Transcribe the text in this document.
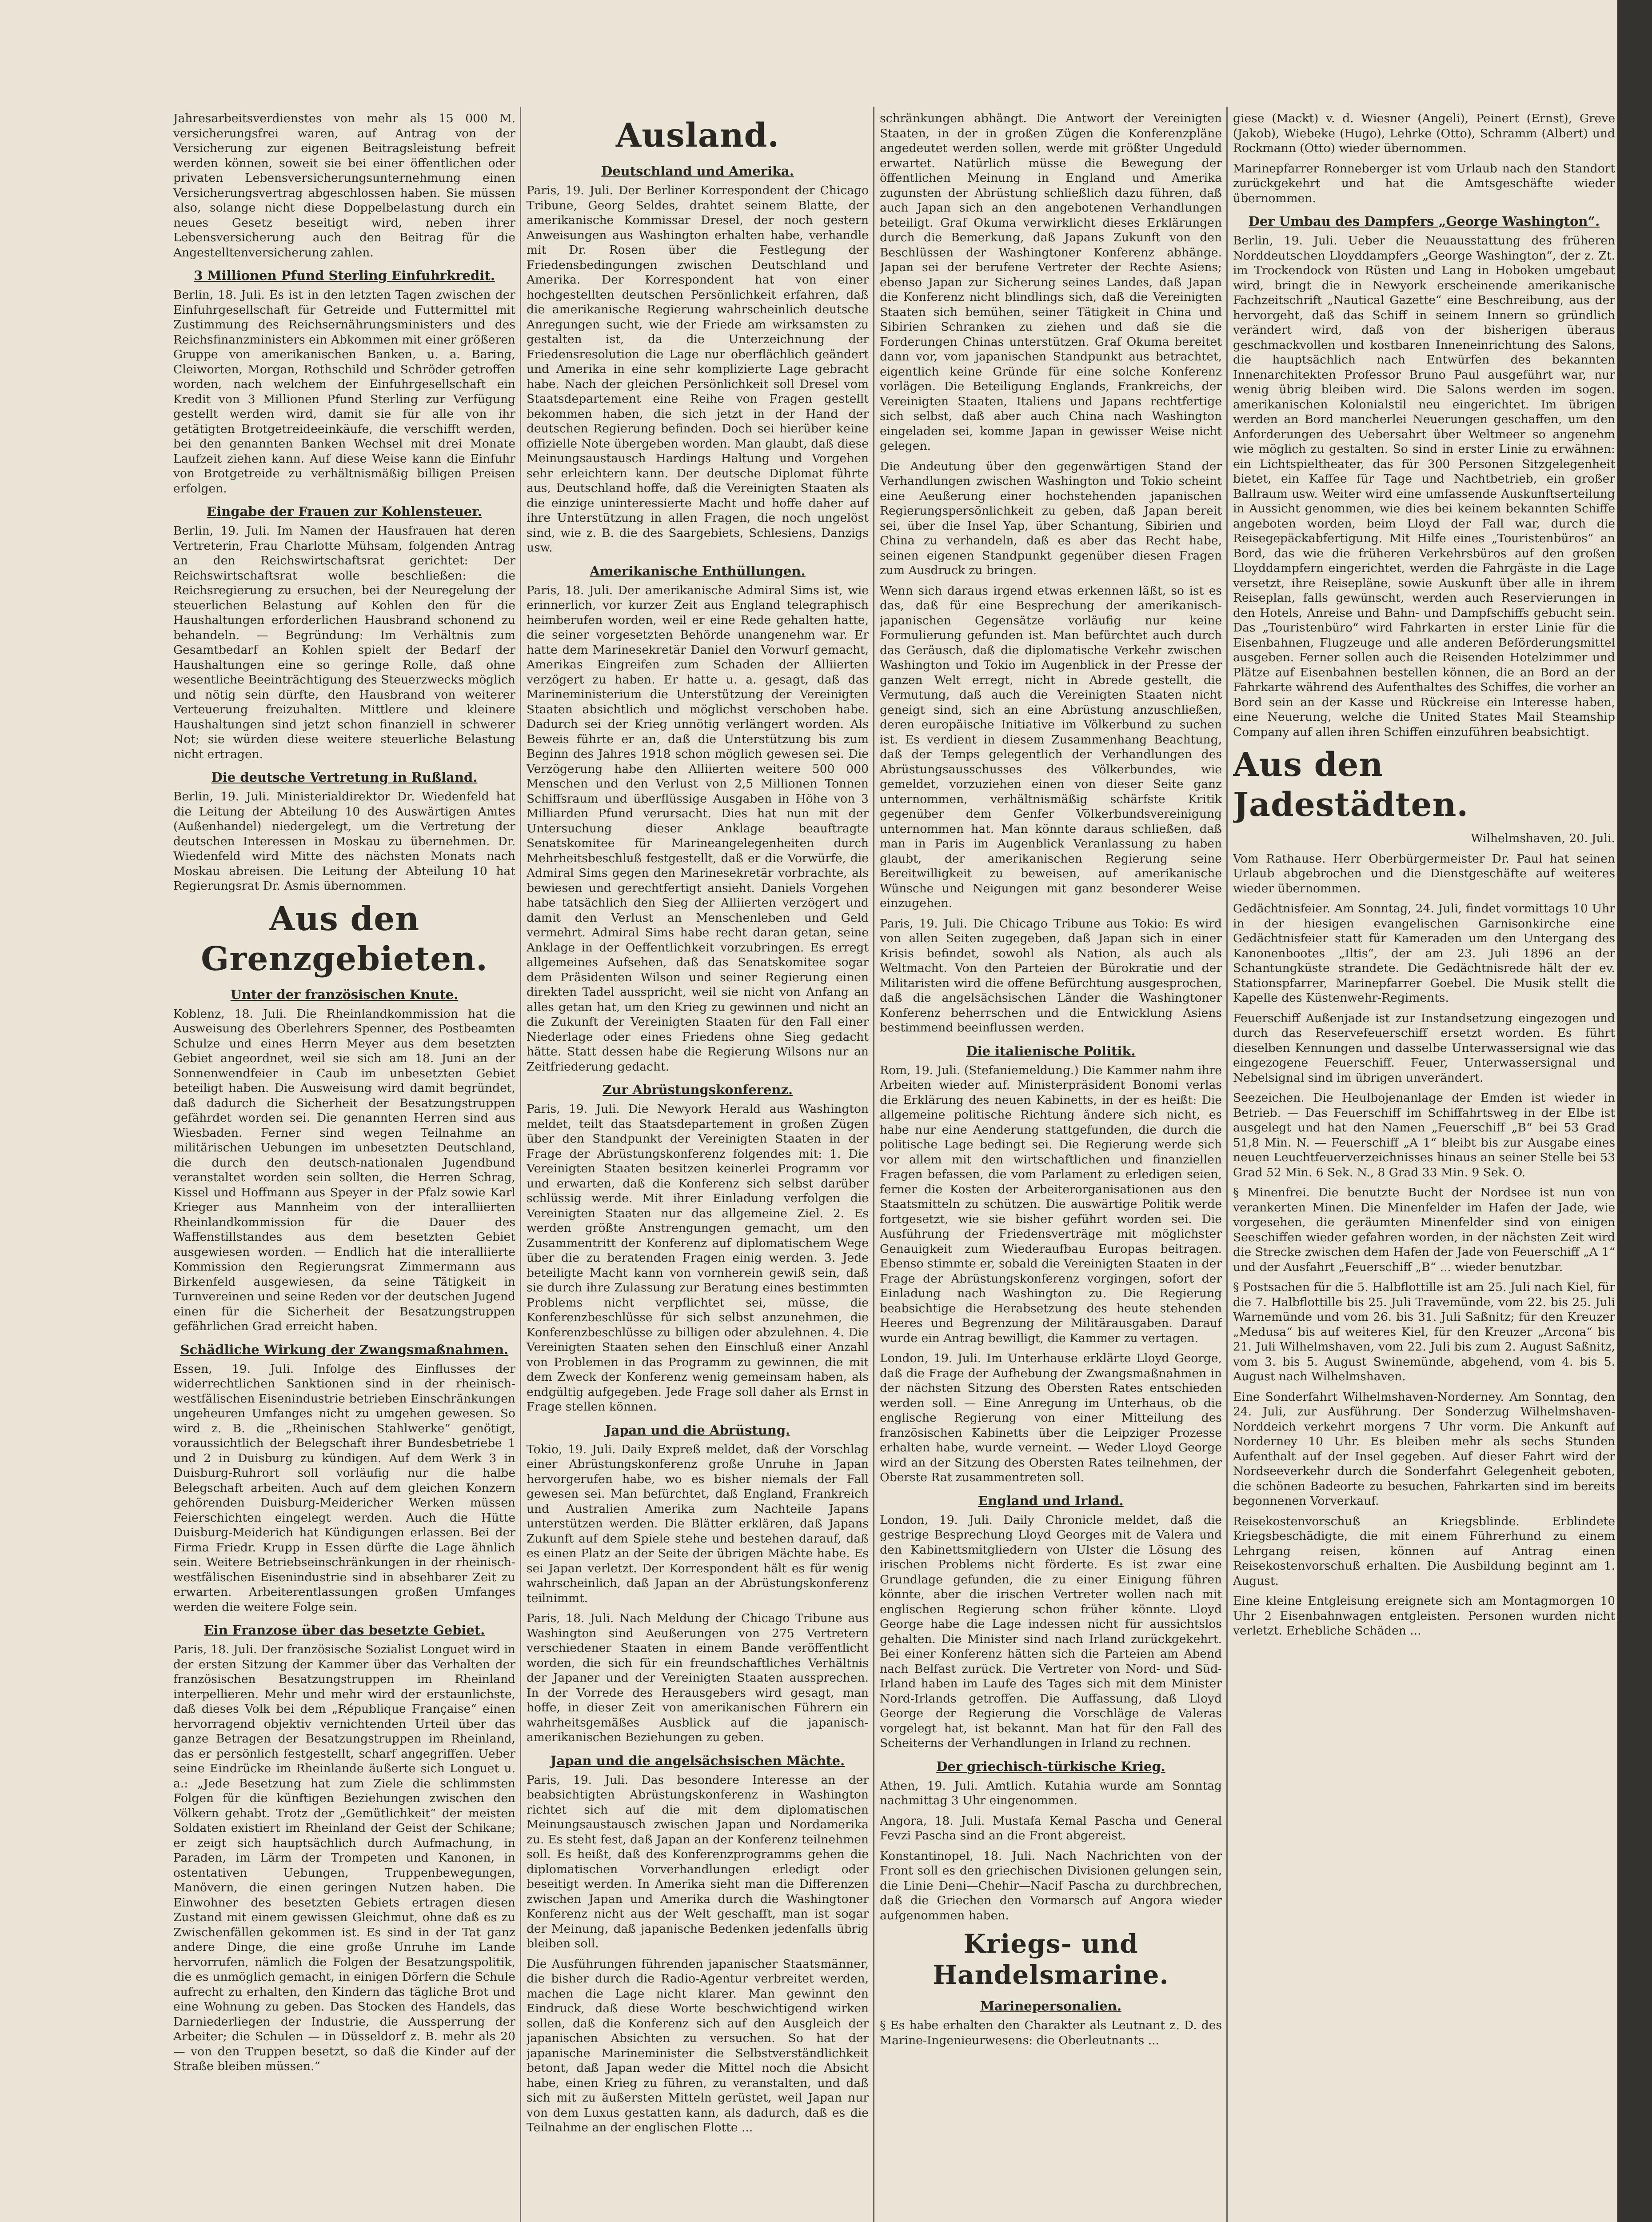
Jahresarbeitsverdienstes von mehr als 15 000 M. versicherungsfrei waren, auf Antrag von der Versicherung zur eigenen Beitragsleistung befreit werden können, soweit sie bei einer öffentlichen oder privaten Lebensversicherungsunternehmung einen Versicherungsvertrag abgeschlossen haben. Sie müssen also, solange nicht diese Doppelbelastung durch ein neues Gesetz beseitigt wird, neben ihrer Lebensversicherung auch den Beitrag für die Angestelltenversicherung zahlen.

3 Millionen Pfund Sterling Einfuhrkredit.

Berlin, 18. Juli. Es ist in den letzten Tagen zwischen der Einfuhrgesellschaft für Getreide und Futtermittel mit Zustimmung des Reichsernährungsministers und des Reichsfinanzministers ein Abkommen mit einer größeren Gruppe von amerikanischen Banken, u. a. Baring, Cleiworten, Morgan, Rothschild und Schröder getroffen worden, nach welchem der Einfuhrgesellschaft ein Kredit von 3 Millionen Pfund Sterling zur Verfügung gestellt werden wird, damit sie für alle von ihr getätigten Brotgetreideeinkäufe, die verschifft werden, bei den genannten Banken Wechsel mit drei Monate Laufzeit ziehen kann. Auf diese Weise kann die Einfuhr von Brotgetreide zu verhältnismäßig billigen Preisen erfolgen.

Eingabe der Frauen zur Kohlensteuer.

Berlin, 19. Juli. Im Namen der Hausfrauen hat deren Vertreterin, Frau Charlotte Mühsam, folgenden Antrag an den Reichswirtschaftsrat gerichtet: Der Reichswirtschaftsrat wolle beschließen: die Reichsregierung zu ersuchen, bei der Neuregelung der steuerlichen Belastung auf Kohlen den für die Haushaltungen erforderlichen Hausbrand schonend zu behandeln. — Begründung: Im Verhältnis zum Gesamtbedarf an Kohlen spielt der Bedarf der Haushaltungen eine so geringe Rolle, daß ohne wesentliche Beeinträchtigung des Steuerzwecks möglich und nötig sein dürfte, den Hausbrand von weiterer Verteuerung freizuhalten. Mittlere und kleinere Haushaltungen sind jetzt schon finanziell in schwerer Not; sie würden diese weitere steuerliche Belastung nicht ertragen.

Die deutsche Vertretung in Rußland.

Berlin, 19. Juli. Ministerialdirektor Dr. Wiedenfeld hat die Leitung der Abteilung 10 des Auswärtigen Amtes (Außenhandel) niedergelegt, um die Vertretung der deutschen Interessen in Moskau zu übernehmen. Dr. Wiedenfeld wird Mitte des nächsten Monats nach Moskau abreisen. Die Leitung der Abteilung 10 hat Regierungsrat Dr. Asmis übernommen.

Aus den Grenzgebieten.
Unter der französischen Knute.

Koblenz, 18. Juli. Die Rheinlandkommission hat die Ausweisung des Oberlehrers Spenner, des Postbeamten Schulze und eines Herrn Meyer aus dem besetzten Gebiet angeordnet, weil sie sich am 18. Juni an der Sonnenwendfeier in Caub im unbesetzten Gebiet beteiligt haben. Die Ausweisung wird damit begründet, daß dadurch die Sicherheit der Besatzungstruppen gefährdet worden sei. Die genannten Herren sind aus Wiesbaden. Ferner sind wegen Teilnahme an militärischen Uebungen im unbesetzten Deutschland, die durch den deutsch-nationalen Jugendbund veranstaltet worden sein sollten, die Herren Schrag, Kissel und Hoffmann aus Speyer in der Pfalz sowie Karl Krieger aus Mannheim von der interalliierten Rheinlandkommission für die Dauer des Waffenstillstandes aus dem besetzten Gebiet ausgewiesen worden. — Endlich hat die interalliierte Kommission den Regierungsrat Zimmermann aus Birkenfeld ausgewiesen, da seine Tätigkeit in Turnvereinen und seine Reden vor der deutschen Jugend einen für die Sicherheit der Besatzungstruppen gefährlichen Grad erreicht haben.

Schädliche Wirkung der Zwangsmaßnahmen.

Essen, 19. Juli. Infolge des Einflusses der widerrechtlichen Sanktionen sind in der rheinisch-westfälischen Eisenindustrie betrieben Einschränkungen ungeheuren Umfanges nicht zu umgehen gewesen. So wird z. B. die „Rheinischen Stahlwerke“ genötigt, voraussichtlich der Belegschaft ihrer Bundesbetriebe 1 und 2 in Duisburg zu kündigen. Auf dem Werk 3 in Duisburg-Ruhrort soll vorläufig nur die halbe Belegschaft arbeiten. Auch auf dem gleichen Konzern gehörenden Duisburg-Meidericher Werken müssen Feierschichten eingelegt werden. Auch die Hütte Duisburg-Meiderich hat Kündigungen erlassen. Bei der Firma Friedr. Krupp in Essen dürfte die Lage ähnlich sein. Weitere Betriebseinschränkungen in der rheinisch-westfälischen Eisenindustrie sind in absehbarer Zeit zu erwarten. Arbeiterentlassungen großen Umfanges werden die weitere Folge sein.

Ein Franzose über das besetzte Gebiet.

Paris, 18. Juli. Der französische Sozialist Longuet wird in der ersten Sitzung der Kammer über das Verhalten der französischen Besatzungstruppen im Rheinland interpellieren. Mehr und mehr wird der erstaunlichste, daß dieses Volk bei dem „République Française“ einen hervorragend objektiv vernichtenden Urteil über das ganze Betragen der Besatzungstruppen im Rheinland, das er persönlich festgestellt, scharf angegriffen. Ueber seine Eindrücke im Rheinlande äußerte sich Longuet u. a.: „Jede Besetzung hat zum Ziele die schlimmsten Folgen für die künftigen Beziehungen zwischen den Völkern gehabt. Trotz der „Gemütlichkeit“ der meisten Soldaten existiert im Rheinland der Geist der Schikane; er zeigt sich hauptsächlich durch Aufmachung, in Paraden, im Lärm der Trompeten und Kanonen, in ostentativen Uebungen, Truppenbewegungen, Manövern, die einen geringen Nutzen haben. Die Einwohner des besetzten Gebiets ertragen diesen Zustand mit einem gewissen Gleichmut, ohne daß es zu Zwischenfällen gekommen ist. Es sind in der Tat ganz andere Dinge, die eine große Unruhe im Lande hervorrufen, nämlich die Folgen der Besatzungspolitik, die es unmöglich gemacht, in einigen Dörfern die Schule aufrecht zu erhalten, den Kindern das tägliche Brot und eine Wohnung zu geben. Das Stocken des Handels, das Darniederliegen der Industrie, die Aussperrung der Arbeiter; die Schulen — in Düsseldorf z. B. mehr als 20 — von den Truppen besetzt, so daß die Kinder auf der Straße bleiben müssen.“

Ausland.
Deutschland und Amerika.

Paris, 19. Juli. Der Berliner Korrespondent der Chicago Tribune, Georg Seldes, drahtet seinem Blatte, der amerikanische Kommissar Dresel, der noch gestern Anweisungen aus Washington erhalten habe, verhandle mit Dr. Rosen über die Festlegung der Friedensbedingungen zwischen Deutschland und Amerika. Der Korrespondent hat von einer hochgestellten deutschen Persönlichkeit erfahren, daß die amerikanische Regierung wahrscheinlich deutsche Anregungen sucht, wie der Friede am wirksamsten zu gestalten ist, da die Unterzeichnung der Friedensresolution die Lage nur oberflächlich geändert und Amerika in eine sehr komplizierte Lage gebracht habe. Nach der gleichen Persönlichkeit soll Dresel vom Staatsdepartement eine Reihe von Fragen gestellt bekommen haben, die sich jetzt in der Hand der deutschen Regierung befinden. Doch sei hierüber keine offizielle Note übergeben worden. Man glaubt, daß diese Meinungsaustausch Hardings Haltung und Vorgehen sehr erleichtern kann. Der deutsche Diplomat führte aus, Deutschland hoffe, daß die Vereinigten Staaten als die einzige uninteressierte Macht und hoffe daher auf ihre Unterstützung in allen Fragen, die noch ungelöst sind, wie z. B. die des Saargebiets, Schlesiens, Danzigs usw.

Amerikanische Enthüllungen.

Paris, 18. Juli. Der amerikanische Admiral Sims ist, wie erinnerlich, vor kurzer Zeit aus England telegraphisch heimberufen worden, weil er eine Rede gehalten hatte, die seiner vorgesetzten Behörde unangenehm war. Er hatte dem Marinesekretär Daniel den Vorwurf gemacht, Amerikas Eingreifen zum Schaden der Alliierten verzögert zu haben. Er hatte u. a. gesagt, daß das Marineministerium die Unterstützung der Vereinigten Staaten absichtlich und möglichst verschoben habe. Dadurch sei der Krieg unnötig verlängert worden. Als Beweis führte er an, daß die Unterstützung bis zum Beginn des Jahres 1918 schon möglich gewesen sei. Die Verzögerung habe den Alliierten weitere 500 000 Menschen und den Verlust von 2,5 Millionen Tonnen Schiffsraum und überflüssige Ausgaben in Höhe von 3 Milliarden Pfund verursacht. Dies hat nun mit der Untersuchung dieser Anklage beauftragte Senatskomitee für Marineangelegenheiten durch Mehrheitsbeschluß festgestellt, daß er die Vorwürfe, die Admiral Sims gegen den Marinesekretär vorbrachte, als bewiesen und gerechtfertigt ansieht. Daniels Vorgehen habe tatsächlich den Sieg der Alliierten verzögert und damit den Verlust an Menschenleben und Geld vermehrt. Admiral Sims habe recht daran getan, seine Anklage in der Oeffentlichkeit vorzubringen. Es erregt allgemeines Aufsehen, daß das Senatskomitee sogar dem Präsidenten Wilson und seiner Regierung einen direkten Tadel ausspricht, weil sie nicht von Anfang an alles getan hat, um den Krieg zu gewinnen und nicht an die Zukunft der Vereinigten Staaten für den Fall einer Niederlage oder eines Friedens ohne Sieg gedacht hätte. Statt dessen habe die Regierung Wilsons nur an Zeitfriederung gedacht.

Zur Abrüstungskonferenz.

Paris, 19. Juli. Die Newyork Herald aus Washington meldet, teilt das Staatsdepartement in großen Zügen über den Standpunkt der Vereinigten Staaten in der Frage der Abrüstungskonferenz folgendes mit: 1. Die Vereinigten Staaten besitzen keinerlei Programm vor und erwarten, daß die Konferenz sich selbst darüber schlüssig werde. Mit ihrer Einladung verfolgen die Vereinigten Staaten nur das allgemeine Ziel. 2. Es werden größte Anstrengungen gemacht, um den Zusammentritt der Konferenz auf diplomatischem Wege über die zu beratenden Fragen einig werden. 3. Jede beteiligte Macht kann von vornherein gewiß sein, daß sie durch ihre Zulassung zur Beratung eines bestimmten Problems nicht verpflichtet sei, müsse, die Konferenzbeschlüsse für sich selbst anzunehmen, die Konferenzbeschlüsse zu billigen oder abzulehnen. 4. Die Vereinigten Staaten sehen den Einschluß einer Anzahl von Problemen in das Programm zu gewinnen, die mit dem Zweck der Konferenz wenig gemeinsam haben, als endgültig aufgegeben. Jede Frage soll daher als Ernst in Frage stellen können.

Japan und die Abrüstung.

Tokio, 19. Juli. Daily Expreß meldet, daß der Vorschlag einer Abrüstungskonferenz große Unruhe in Japan hervorgerufen habe, wo es bisher niemals der Fall gewesen sei. Man befürchtet, daß England, Frankreich und Australien Amerika zum Nachteile Japans unterstützen werden. Die Blätter erklären, daß Japans Zukunft auf dem Spiele stehe und bestehen darauf, daß es einen Platz an der Seite der übrigen Mächte habe. Es sei Japan verletzt. Der Korrespondent hält es für wenig wahrscheinlich, daß Japan an der Abrüstungskonferenz teilnimmt.

Paris, 18. Juli. Nach Meldung der Chicago Tribune aus Washington sind Aeußerungen von 275 Vertretern verschiedener Staaten in einem Bande veröffentlicht worden, die sich für ein freundschaftliches Verhältnis der Japaner und der Vereinigten Staaten aussprechen. In der Vorrede des Herausgebers wird gesagt, man hoffe, in dieser Zeit von amerikanischen Führern ein wahrheitsgemäßes Ausblick auf die japanisch-amerikanischen Beziehungen zu geben.

Japan und die angelsächsischen Mächte.

Paris, 19. Juli. Das besondere Interesse an der beabsichtigten Abrüstungskonferenz in Washington richtet sich auf die mit dem diplomatischen Meinungsaustausch zwischen Japan und Nordamerika zu. Es steht fest, daß Japan an der Konferenz teilnehmen soll. Es heißt, daß des Konferenzprogramms gehen die diplomatischen Vorverhandlungen erledigt oder beseitigt werden. In Amerika sieht man die Differenzen zwischen Japan und Amerika durch die Washingtoner Konferenz nicht aus der Welt geschafft, man ist sogar der Meinung, daß japanische Bedenken jedenfalls übrig bleiben soll.

Die Ausführungen führenden japanischer Staatsmänner, die bisher durch die Radio-Agentur verbreitet werden, machen die Lage nicht klarer. Man gewinnt den Eindruck, daß diese Worte beschwichtigend wirken sollen, daß die Konferenz sich auf den Ausgleich der japanischen Absichten zu versuchen. So hat der japanische Marineminister die Selbstverständlichkeit betont, daß Japan weder die Mittel noch die Absicht habe, einen Krieg zu führen, zu veranstalten, und daß sich mit zu äußersten Mitteln gerüstet, weil Japan nur von dem Luxus gestatten kann, als dadurch, daß es die Teilnahme an der englischen Flotte ...

schränkungen abhängt. Die Antwort der Vereinigten Staaten, in der in großen Zügen die Konferenzpläne angedeutet werden sollen, werde mit größter Ungeduld erwartet. Natürlich müsse die Bewegung der öffentlichen Meinung in England und Amerika zugunsten der Abrüstung schließlich dazu führen, daß auch Japan sich an den angebotenen Verhandlungen beteiligt. Graf Okuma verwirklicht dieses Erklärungen durch die Bemerkung, daß Japans Zukunft von den Beschlüssen der Washingtoner Konferenz abhänge. Japan sei der berufene Vertreter der Rechte Asiens; ebenso Japan zur Sicherung seines Landes, daß Japan die Konferenz nicht blindlings sich, daß die Vereinigten Staaten sich bemühen, seiner Tätigkeit in China und Sibirien Schranken zu ziehen und daß sie die Forderungen Chinas unterstützen. Graf Okuma bereitet dann vor, vom japanischen Standpunkt aus betrachtet, eigentlich keine Gründe für eine solche Konferenz vorlägen. Die Beteiligung Englands, Frankreichs, der Vereinigten Staaten, Italiens und Japans rechtfertige sich selbst, daß aber auch China nach Washington eingeladen sei, komme Japan in gewisser Weise nicht gelegen.

Die Andeutung über den gegenwärtigen Stand der Verhandlungen zwischen Washington und Tokio scheint eine Aeußerung einer hochstehenden japanischen Regierungspersönlichkeit zu geben, daß Japan bereit sei, über die Insel Yap, über Schantung, Sibirien und China zu verhandeln, daß es aber das Recht habe, seinen eigenen Standpunkt gegenüber diesen Fragen zum Ausdruck zu bringen.

Wenn sich daraus irgend etwas erkennen läßt, so ist es das, daß für eine Besprechung der amerikanisch-japanischen Gegensätze vorläufig nur keine Formulierung gefunden ist. Man befürchtet auch durch das Geräusch, daß die diplomatische Verkehr zwischen Washington und Tokio im Augenblick in der Presse der ganzen Welt erregt, nicht in Abrede gestellt, die Vermutung, daß auch die Vereinigten Staaten nicht geneigt sind, sich an eine Abrüstung anzuschließen, deren europäische Initiative im Völkerbund zu suchen ist. Es verdient in diesem Zusammenhang Beachtung, daß der Temps gelegentlich der Verhandlungen des Abrüstungsausschusses des Völkerbundes, wie gemeldet, vorzuziehen einen von dieser Seite ganz unternommen, verhältnismäßig schärfste Kritik gegenüber dem Genfer Völkerbundsvereinigung unternommen hat. Man könnte daraus schließen, daß man in Paris im Augenblick Veranlassung zu haben glaubt, der amerikanischen Regierung seine Bereitwilligkeit zu beweisen, auf amerikanische Wünsche und Neigungen mit ganz besonderer Weise einzugehen.

Paris, 19. Juli. Die Chicago Tribune aus Tokio: Es wird von allen Seiten zugegeben, daß Japan sich in einer Krisis befindet, sowohl als Nation, als auch als Weltmacht. Von den Parteien der Bürokratie und der Militaristen wird die offene Befürchtung ausgesprochen, daß die angelsächsischen Länder die Washingtoner Konferenz beherrschen und die Entwicklung Asiens bestimmend beeinflussen werden.

Die italienische Politik.

Rom, 19. Juli. (Stefaniemeldung.) Die Kammer nahm ihre Arbeiten wieder auf. Ministerpräsident Bonomi verlas die Erklärung des neuen Kabinetts, in der es heißt: Die allgemeine politische Richtung ändere sich nicht, es habe nur eine Aenderung stattgefunden, die durch die politische Lage bedingt sei. Die Regierung werde sich vor allem mit den wirtschaftlichen und finanziellen Fragen befassen, die vom Parlament zu erledigen seien, ferner die Kosten der Arbeiterorganisationen aus den Staatsmitteln zu schützen. Die auswärtige Politik werde fortgesetzt, wie sie bisher geführt worden sei. Die Ausführung der Friedensverträge mit möglichster Genauigkeit zum Wiederaufbau Europas beitragen. Ebenso stimmte er, sobald die Vereinigten Staaten in der Frage der Abrüstungskonferenz vorgingen, sofort der Einladung nach Washington zu. Die Regierung beabsichtige die Herabsetzung des heute stehenden Heeres und Begrenzung der Militärausgaben. Darauf wurde ein Antrag bewilligt, die Kammer zu vertagen.

London, 19. Juli. Im Unterhause erklärte Lloyd George, daß die Frage der Aufhebung der Zwangsmaßnahmen in der nächsten Sitzung des Obersten Rates entschieden werden soll. — Eine Anregung im Unterhaus, ob die englische Regierung von einer Mitteilung des französischen Kabinetts über die Leipziger Prozesse erhalten habe, wurde verneint. — Weder Lloyd George wird an der Sitzung des Obersten Rates teilnehmen, der Oberste Rat zusammentreten soll.

England und Irland.

London, 19. Juli. Daily Chronicle meldet, daß die gestrige Besprechung Lloyd Georges mit de Valera und den Kabinettsmitgliedern von Ulster die Lösung des irischen Problems nicht förderte. Es ist zwar eine Grundlage gefunden, die zu einer Einigung führen könnte, aber die irischen Vertreter wollen nach mit englischen Regierung schon früher könnte. Lloyd George habe die Lage indessen nicht für aussichtslos gehalten. Die Minister sind nach Irland zurückgekehrt. Bei einer Konferenz hätten sich die Parteien am Abend nach Belfast zurück. Die Vertreter von Nord- und Süd-Irland haben im Laufe des Tages sich mit dem Minister Nord-Irlands getroffen. Die Auffassung, daß Lloyd George der Regierung die Vorschläge de Valeras vorgelegt hat, ist bekannt. Man hat für den Fall des Scheiterns der Verhandlungen in Irland zu rechnen.

Der griechisch-türkische Krieg.

Athen, 19. Juli. Amtlich. Kutahia wurde am Sonntag nachmittag 3 Uhr eingenommen.

Angora, 18. Juli. Mustafa Kemal Pascha und General Fevzi Pascha sind an die Front abgereist.

Konstantinopel, 18. Juli. Nach Nachrichten von der Front soll es den griechischen Divisionen gelungen sein, die Linie Deni—Chehir—Nacif Pascha zu durchbrechen, daß die Griechen den Vormarsch auf Angora wieder aufgenommen haben.

Kriegs- und Handelsmarine.
Marinepersonalien.

§ Es habe erhalten den Charakter als Leutnant z. D. des Marine-Ingenieurwesens: die Oberleutnants ...

giese (Mackt) v. d. Wiesner (Angeli), Peinert (Ernst), Greve (Jakob), Wiebeke (Hugo), Lehrke (Otto), Schramm (Albert) und Rockmann (Otto) wieder übernommen.

Marinepfarrer Ronneberger ist vom Urlaub nach den Standort zurückgekehrt und hat die Amtsgeschäfte wieder übernommen.

Der Umbau des Dampfers „George Washington“.

Berlin, 19. Juli. Ueber die Neuausstattung des früheren Norddeutschen Lloyddampfers „George Washington“, der z. Zt. im Trockendock von Rüsten und Lang in Hoboken umgebaut wird, bringt die in Newyork erscheinende amerikanische Fachzeitschrift „Nautical Gazette“ eine Beschreibung, aus der hervorgeht, daß das Schiff in seinem Innern so gründlich verändert wird, daß von der bisherigen überaus geschmackvollen und kostbaren Inneneinrichtung des Salons, die hauptsächlich nach Entwürfen des bekannten Innenarchitekten Professor Bruno Paul ausgeführt war, nur wenig übrig bleiben wird. Die Salons werden im sogen. amerikanischen Kolonialstil neu eingerichtet. Im übrigen werden an Bord mancherlei Neuerungen geschaffen, um den Anforderungen des Uebersahrt über Weltmeer so angenehm wie möglich zu gestalten. So sind in erster Linie zu erwähnen: ein Lichtspieltheater, das für 300 Personen Sitzgelegenheit bietet, ein Kaffee für Tage und Nachtbetrieb, ein großer Ballraum usw. Weiter wird eine umfassende Auskunftserteilung in Aussicht genommen, wie dies bei keinem bekannten Schiffe angeboten worden, beim Lloyd der Fall war, durch die Reisegepäckabfertigung. Mit Hilfe eines „Touristenbüros“ an Bord, das wie die früheren Verkehrsbüros auf den großen Lloyddampfern eingerichtet, werden die Fahrgäste in die Lage versetzt, ihre Reisepläne, sowie Auskunft über alle in ihrem Reiseplan, falls gewünscht, werden auch Reservierungen in den Hotels, Anreise und Bahn- und Dampfschiffs gebucht sein. Das „Touristenbüro“ wird Fahrkarten in erster Linie für die Eisenbahnen, Flugzeuge und alle anderen Beförderungsmittel ausgeben. Ferner sollen auch die Reisenden Hotelzimmer und Plätze auf Eisenbahnen bestellen können, die an Bord an der Fahrkarte während des Aufenthaltes des Schiffes, die vorher an Bord sein an der Kasse und Rückreise ein Interesse haben, eine Neuerung, welche die United States Mail Steamship Company auf allen ihren Schiffen einzuführen beabsichtigt.

Aus den Jadestädten.

Wilhelmshaven, 20. Juli.

Vom Rathause. Herr Oberbürgermeister Dr. Paul hat seinen Urlaub abgebrochen und die Dienstgeschäfte auf weiteres wieder übernommen.

Gedächtnisfeier. Am Sonntag, 24. Juli, findet vormittags 10 Uhr in der hiesigen evangelischen Garnisonkirche eine Gedächtnisfeier statt für Kameraden um den Untergang des Kanonenbootes „Iltis“, der am 23. Juli 1896 an der Schantungküste strandete. Die Gedächtnisrede hält der ev. Stationspfarrer, Marinepfarrer Goebel. Die Musik stellt die Kapelle des Küstenwehr-Regiments.

Feuerschiff Außenjade ist zur Instandsetzung eingezogen und durch das Reservefeuerschiff ersetzt worden. Es führt dieselben Kennungen und dasselbe Unterwassersignal wie das eingezogene Feuerschiff. Feuer, Unterwassersignal und Nebelsignal sind im übrigen unverändert.

Seezeichen. Die Heulbojenanlage der Emden ist wieder in Betrieb. — Das Feuerschiff im Schiffahrtsweg in der Elbe ist ausgelegt und hat den Namen „Feuerschiff „B“ bei 53 Grad 51,8 Min. N. — Feuerschiff „A 1“ bleibt bis zur Ausgabe eines neuen Leuchtfeuerverzeichnisses hinaus an seiner Stelle bei 53 Grad 52 Min. 6 Sek. N., 8 Grad 33 Min. 9 Sek. O.

§ Minenfrei. Die benutzte Bucht der Nordsee ist nun von verankerten Minen. Die Minenfelder im Hafen der Jade, wie vorgesehen, die geräumten Minenfelder sind von einigen Seeschiffen wieder gefahren worden, in der nächsten Zeit wird die Strecke zwischen dem Hafen der Jade von Feuerschiff „A 1“ und der Ausfahrt „Feuerschiff „B“ ... wieder benutzbar.

§ Postsachen für die 5. Halbflottille ist am 25. Juli nach Kiel, für die 7. Halbflottille bis 25. Juli Travemünde, vom 22. bis 25. Juli Warnemünde und vom 26. bis 31. Juli Saßnitz; für den Kreuzer „Medusa“ bis auf weiteres Kiel, für den Kreuzer „Arcona“ bis 21. Juli Wilhelmshaven, vom 22. Juli bis zum 2. August Saßnitz, vom 3. bis 5. August Swinemünde, abgehend, vom 4. bis 5. August nach Wilhelmshaven.

Eine Sonderfahrt Wilhelmshaven-Norderney. Am Sonntag, den 24. Juli, zur Ausführung. Der Sonderzug Wilhelmshaven-Norddeich verkehrt morgens 7 Uhr vorm. Die Ankunft auf Norderney 10 Uhr. Es bleiben mehr als sechs Stunden Aufenthalt auf der Insel gegeben. Auf dieser Fahrt wird der Nordseeverkehr durch die Sonderfahrt Gelegenheit geboten, die schönen Badeorte zu besuchen, Fahrkarten sind im bereits begonnenen Vorverkauf.

Reisekostenvorschuß an Kriegsblinde. Erblindete Kriegsbeschädigte, die mit einem Führerhund zu einem Lehrgang reisen, können auf Antrag einen Reisekostenvorschuß erhalten. Die Ausbildung beginnt am 1. August.

Eine kleine Entgleisung ereignete sich am Montagmorgen 10 Uhr 2 Eisenbahnwagen entgleisten. Personen wurden nicht verletzt. Erhebliche Schäden ...
